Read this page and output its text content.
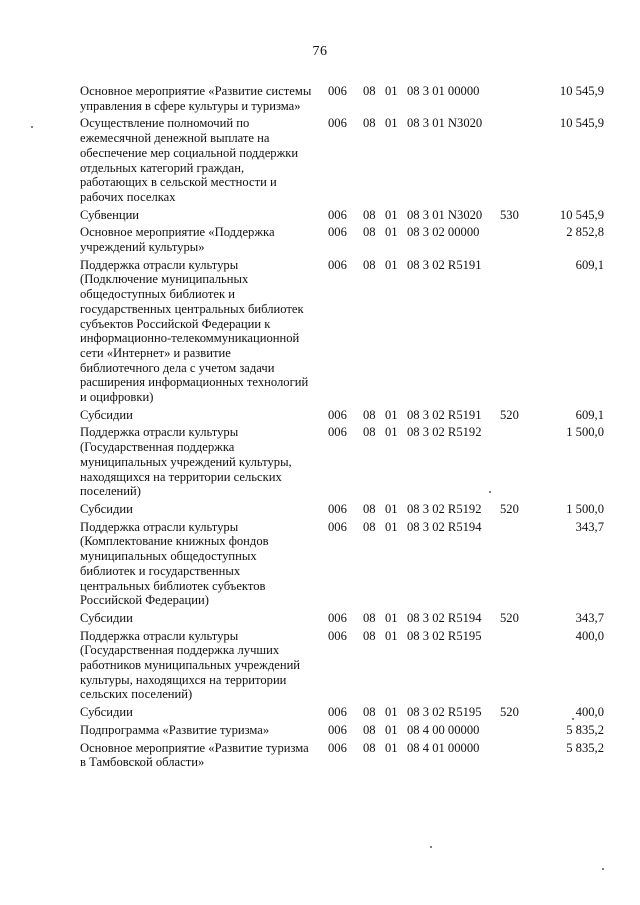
76
Основное мероприятие «Развитие системы управления в сфере культуры и туризма»
006 08 01 08 3 01 00000	10 545,9
Осуществление полномочий по ежемесячной денежной выплате на обеспечение мер социальной поддержки отдельных категорий граждан, работающих в сельской местности и рабочих поселках
006 08 01 08 3 01 N3020	10 545,9
Субвенции	006 08 01 08 3 01 N3020 530	10 545,9
Основное мероприятие «Поддержка учреждений культуры»
006 08 01 08 3 02 00000	2 852,8
Поддержка отрасли культуры (Подключение муниципальных общедоступных библиотек и государственных центральных библиотек субъектов Российской Федерации к информационно-телекоммуникационной сети «Интернет» и развитие библиотечного дела с учетом задачи расширения информационных технологий и оцифровки)
006 08 01 08 3 02 R5191	609,1
Субсидии	006 08 01 08 3 02 R5191 520	609,1
Поддержка отрасли культуры (Государственная поддержка муниципальных учреждений культуры, находящихся на территории сельских поселений)
006 08 01 08 3 02 R5192	1 500,0
Субсидии	006 08 01 08 3 02 R5192 520	1 500,0
Поддержка отрасли культуры (Комплектование книжных фондов муниципальных общедоступных библиотек и государственных центральных библиотек субъектов Российской Федерации)
006 08 01 08 3 02 R5194	343,7
Субсидии	006 08 01 08 3 02 R5194 520	343,7
Поддержка отрасли культуры (Государственная поддержка лучших работников муниципальных учреждений культуры, находящихся на территории сельских поселений)
006 08 01 08 3 02 R5195	400,0
Субсидии	006 08 01 08 3 02 R5195 520	400,0
Подпрограмма «Развитие туризма»	006 08 01 08 4 00 00000	5 835,2
Основное мероприятие «Развитие туризма в Тамбовской области»
006 08 01 08 4 01 00000	5 835,2
